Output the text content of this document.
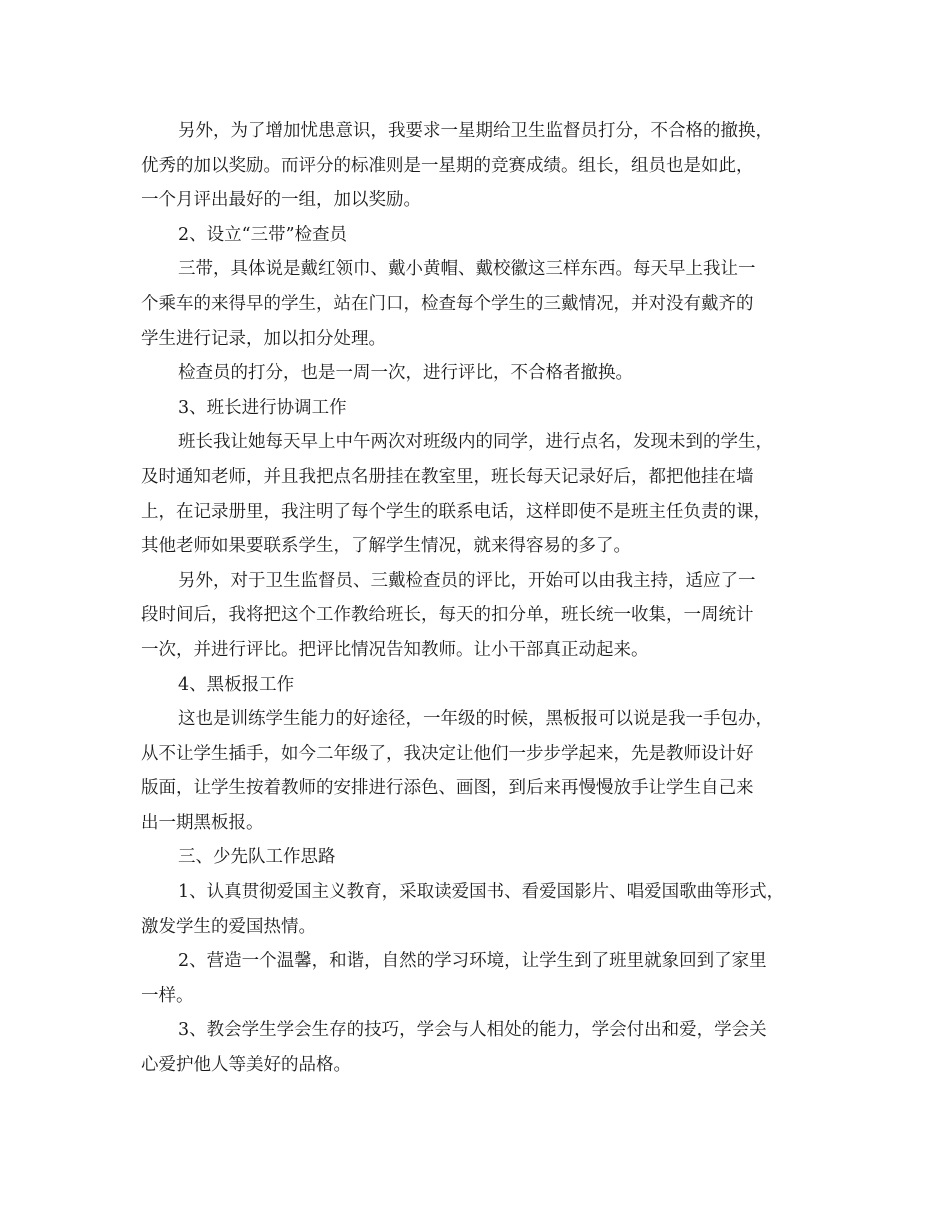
另外，为了增加忧患意识，我要求一星期给卫生监督员打分，不合格的撤换，
优秀的加以奖励。而评分的标准则是一星期的竞赛成绩。组长，组员也是如此，
一个月评出最好的一组，加以奖励。
2、设立“三带”检查员
三带，具体说是戴红领巾、戴小黄帽、戴校徽这三样东西。每天早上我让一
个乘车的来得早的学生，站在门口，检查每个学生的三戴情况，并对没有戴齐的
学生进行记录，加以扣分处理。
检查员的打分，也是一周一次，进行评比，不合格者撤换。
3、班长进行协调工作
班长我让她每天早上中午两次对班级内的同学，进行点名，发现未到的学生，
及时通知老师，并且我把点名册挂在教室里，班长每天记录好后，都把他挂在墙
上，在记录册里，我注明了每个学生的联系电话，这样即使不是班主任负责的课，
其他老师如果要联系学生，了解学生情况，就来得容易的多了。
另外，对于卫生监督员、三戴检查员的评比，开始可以由我主持，适应了一
段时间后，我将把这个工作教给班长，每天的扣分单，班长统一收集，一周统计
一次，并进行评比。把评比情况告知教师。让小干部真正动起来。
4、黑板报工作
这也是训练学生能力的好途径，一年级的时候，黑板报可以说是我一手包办，
从不让学生插手，如今二年级了，我决定让他们一步步学起来，先是教师设计好
版面，让学生按着教师的安排进行添色、画图，到后来再慢慢放手让学生自己来
出一期黑板报。
三、少先队工作思路
1、认真贯彻爱国主义教育，采取读爱国书、看爱国影片、唱爱国歌曲等形式，
激发学生的爱国热情。
2、营造一个温馨，和谐，自然的学习环境，让学生到了班里就象回到了家里
一样。
3、教会学生学会生存的技巧，学会与人相处的能力，学会付出和爱，学会关
心爱护他人等美好的品格。
